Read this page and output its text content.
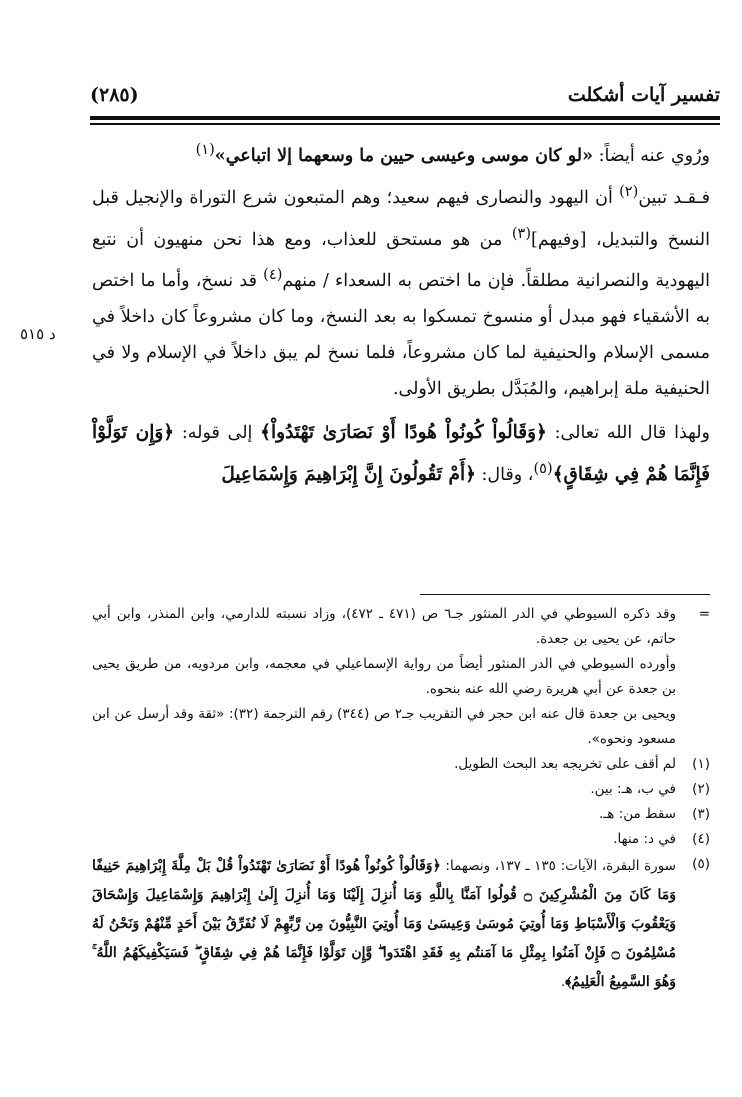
تفسير آيات أشكلت
(٢٨٥)
د ٥١٥

ورُوي عنه أيضاً: «لو كان موسى وعيسى حيين ما وسعهما إلا اتباعي»$^{(١)}$

فـقـد تبين$^{(٢)}$ أن اليهود والنصارى فيهم سعيد؛ وهم المتبعون شرع التوراة والإنجيل قبل النسخ والتبديل، [وفيهم]$^{(٣)}$ من هو مستحق للعذاب، ومع هذا نحن منهيون أن نتبع اليهودية والنصرانية مطلقاً. فإن ما اختص به السعداء / منهم$^{(٤)}$ قد نسخ، وأما ما اختص به الأشقياء فهو مبدل أو منسوخ تمسكوا به بعد النسخ، وما كان مشروعاً كان داخلاً في مسمى الإسلام والحنيفية لما كان مشروعاً، فلما نسخ لم يبق داخلاً في الإسلام ولا في الحنيفية ملة إبراهيم، والمُبَدَّل بطريق الأولى.

ولهذا قال الله تعالى: ﴿وَقَالُواْ كُونُواْ هُودًا أَوْ نَصَارَىٰ تَهْتَدُواْ﴾ إلى قوله: ﴿وَإِن تَوَلَّوْاْ فَإِنَّمَا هُمْ فِي شِقَاقٍ﴾$^{(٥)}$، وقال: ﴿أَمْ تَقُولُونَ إِنَّ إِبْرَاهِيمَ وَإِسْمَاعِيلَ

=
وقد ذكره السيوطي في الدر المنثور جـ٦ ص (٤٧١ ـ ٤٧٢)، وزاد نسبته للدارمي، وابن المنذر، وابن أبي حاتم، عن يحيى بن جعدة.
وأورده السيوطي في الدر المنثور أيضاً من رواية الإسماعيلي في معجمه، وابن مردويه، من طريق يحيى بن جعدة عن أبي هريرة رضي الله عنه بنحوه.
ويحيى بن جعدة قال عنه ابن حجر في التقريب جـ٢ ص (٣٤٤) رقم الترجمة (٣٢): «ثقة وقد أرسل عن ابن مسعود ونحوه».
(١)
لم أقف على تخريجه بعد البحث الطويل.
(٢)
في ب، هـ: بين.
(٣)
سقط من: هـ.
(٤)
في د: منها.
(٥)
سورة البقرة، الآيات: ١٣٥ ـ ١٣٧، ونصهما: ﴿وَقَالُواْ كُونُواْ هُودًا أَوْ نَصَارَىٰ تَهْتَدُواْ قُلْ بَلْ مِلَّةَ إِبْرَاهِيمَ حَنِيفًا وَمَا كَانَ مِنَ الْمُشْرِكِينَ ۝ قُولُوا آمَنَّا بِاللَّهِ وَمَا أُنزِلَ إِلَيْنَا وَمَا أُنزِلَ إِلَىٰ إِبْرَاهِيمَ وَإِسْمَاعِيلَ وَإِسْحَاقَ وَيَعْقُوبَ وَالْأَسْبَاطِ وَمَا أُوتِيَ مُوسَىٰ وَعِيسَىٰ وَمَا أُوتِيَ النَّبِيُّونَ مِن رَّبِّهِمْ لَا نُفَرِّقُ بَيْنَ أَحَدٍ مِّنْهُمْ وَنَحْنُ لَهُ مُسْلِمُونَ ۝ فَإِنْ آمَنُوا بِمِثْلِ مَا آمَنتُم بِهِ فَقَدِ اهْتَدَوا ۖ وَّإِن تَوَلَّوْا فَإِنَّمَا هُمْ فِي شِقَاقٍ ۖ فَسَيَكْفِيكَهُمُ اللَّهُ ۚ وَهُوَ السَّمِيعُ الْعَلِيمُ﴾.
